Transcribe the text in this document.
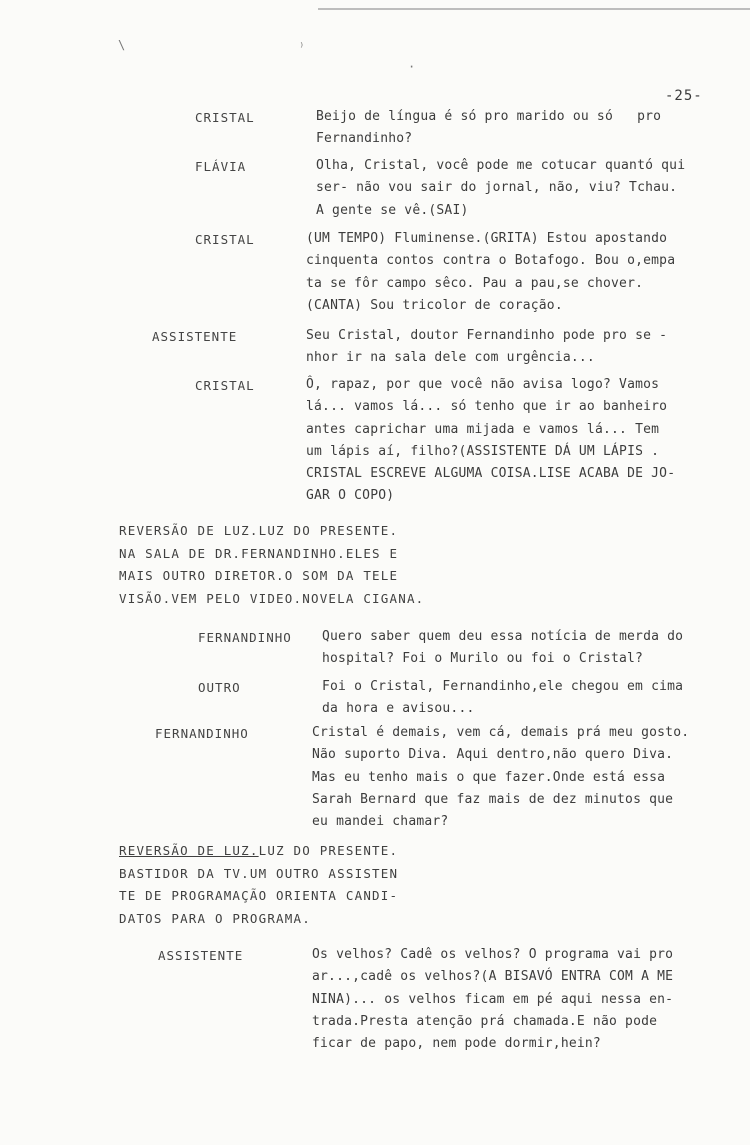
\	⁾
·
-25-
CRISTAL	Beijo de língua é só pro marido ou só   pro
Fernandinho?
FLÁVIA	Olha, Cristal, você pode me cotucar quantó qui
ser- não vou sair do jornal, não, viu? Tchau.
A gente se vê.(SAI)
CRISTAL	(UM TEMPO) Fluminense.(GRITA) Estou apostando
cinquenta contos contra o Botafogo. Bou o,empa
ta se fôr campo sêco. Pau a pau,se chover.
(CANTA) Sou tricolor de coração.
ASSISTENTE	Seu Cristal, doutor Fernandinho pode pro se -
nhor ir na sala dele com urgência...
CRISTAL	Ô, rapaz, por que você não avisa logo? Vamos
lá... vamos lá... só tenho que ir ao banheiro
antes caprichar uma mijada e vamos lá... Tem
um lápis aí, filho?(ASSISTENTE DÁ UM LÁPIS .
CRISTAL ESCREVE ALGUMA COISA.LISE ACABA DE JO-
GAR O COPO)
REVERSÃO DE LUZ.LUZ DO PRESENTE.
NA SALA DE DR.FERNANDINHO.ELES E
MAIS OUTRO DIRETOR.O SOM DA TELE
VISÃO.VEM PELO VIDEO.NOVELA CIGANA.
FERNANDINHO Quero saber quem deu essa notícia de merda do
hospital? Foi o Murilo ou foi o Cristal?
OUTRO	Foi o Cristal, Fernandinho,ele chegou em cima
da hora e avisou...
FERNANDINHO	Cristal é demais, vem cá, demais prá meu gosto.
Não suporto Diva. Aqui dentro,não quero Diva.
Mas eu tenho mais o que fazer.Onde está essa
Sarah Bernard que faz mais de dez minutos que
eu mandei chamar?
REVERSÃO DE LUZ.LUZ DO PRESENTE.
BASTIDOR DA TV.UM OUTRO ASSISTEN
TE DE PROGRAMAÇÃO ORIENTA CANDI-
DATOS PARA O PROGRAMA.
ASSISTENTE	Os velhos? Cadê os velhos? O programa vai pro
ar...,cadê os velhos?(A BISAVÓ ENTRA COM A ME
NINA)... os velhos ficam em pé aqui nessa en-
trada.Presta atenção prá chamada.E não pode
ficar de papo, nem pode dormir,hein?
